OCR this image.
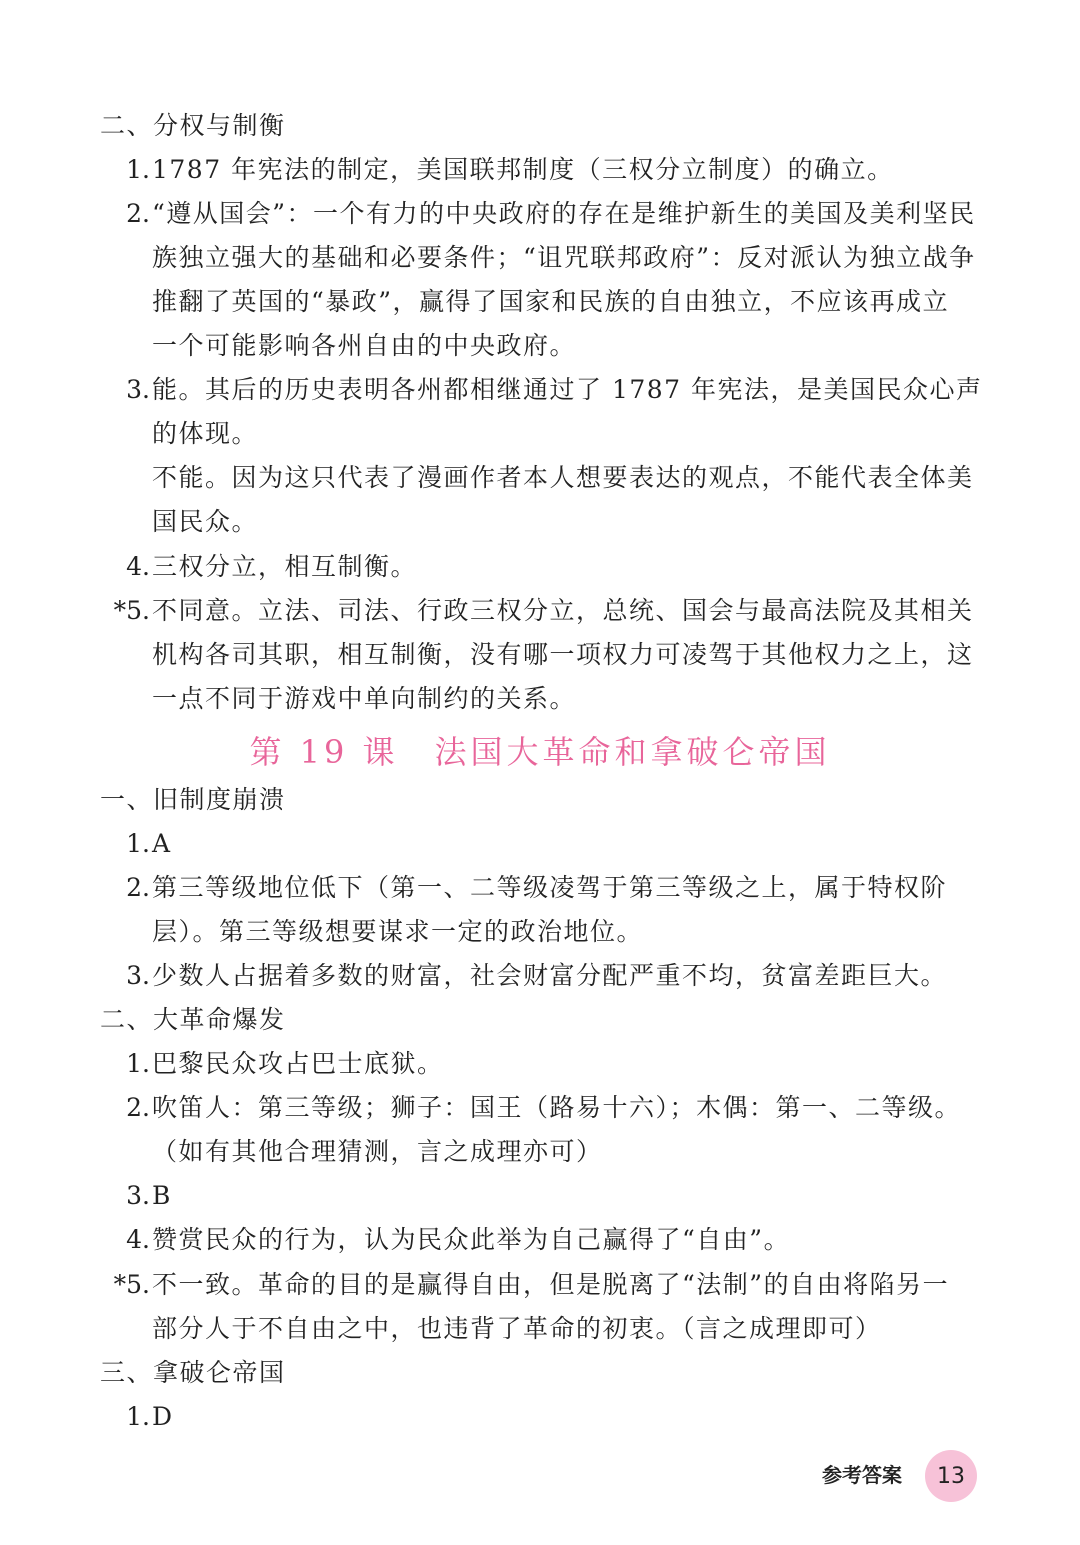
二、分权与制衡
1. 1787 年宪法的制定，美国联邦制度（三权分立制度）的确立。
2. “遵从国会”：一个有力的中央政府的存在是维护新生的美国及美利坚民
族独立强大的基础和必要条件；“诅咒联邦政府”：反对派认为独立战争
推翻了英国的“暴政”，赢得了国家和民族的自由独立，不应该再成立
一个可能影响各州自由的中央政府。
3. 能。其后的历史表明各州都相继通过了 1787 年宪法，是美国民众心声
的体现。
不能。因为这只代表了漫画作者本人想要表达的观点，不能代表全体美
国民众。
4. 三权分立，相互制衡。
*5. 不同意。立法、司法、行政三权分立，总统、国会与最高法院及其相关
机构各司其职，相互制衡，没有哪一项权力可凌驾于其他权力之上，这
一点不同于游戏中单向制约的关系。
第 19 课　法国大革命和拿破仑帝国
一、旧制度崩溃
1. A
2. 第三等级地位低下（第一、二等级凌驾于第三等级之上，属于特权阶
层）。第三等级想要谋求一定的政治地位。
3. 少数人占据着多数的财富，社会财富分配严重不均，贫富差距巨大。
二、大革命爆发
1. 巴黎民众攻占巴士底狱。
2. 吹笛人：第三等级；狮子：国王（路易十六）；木偶：第一、二等级。
（如有其他合理猜测，言之成理亦可）
3. B
4. 赞赏民众的行为，认为民众此举为自己赢得了“自由”。
*5. 不一致。革命的目的是赢得自由，但是脱离了“法制”的自由将陷另一
部分人于不自由之中，也违背了革命的初衷。（言之成理即可）
三、拿破仑帝国
1. D
参考答案 13
